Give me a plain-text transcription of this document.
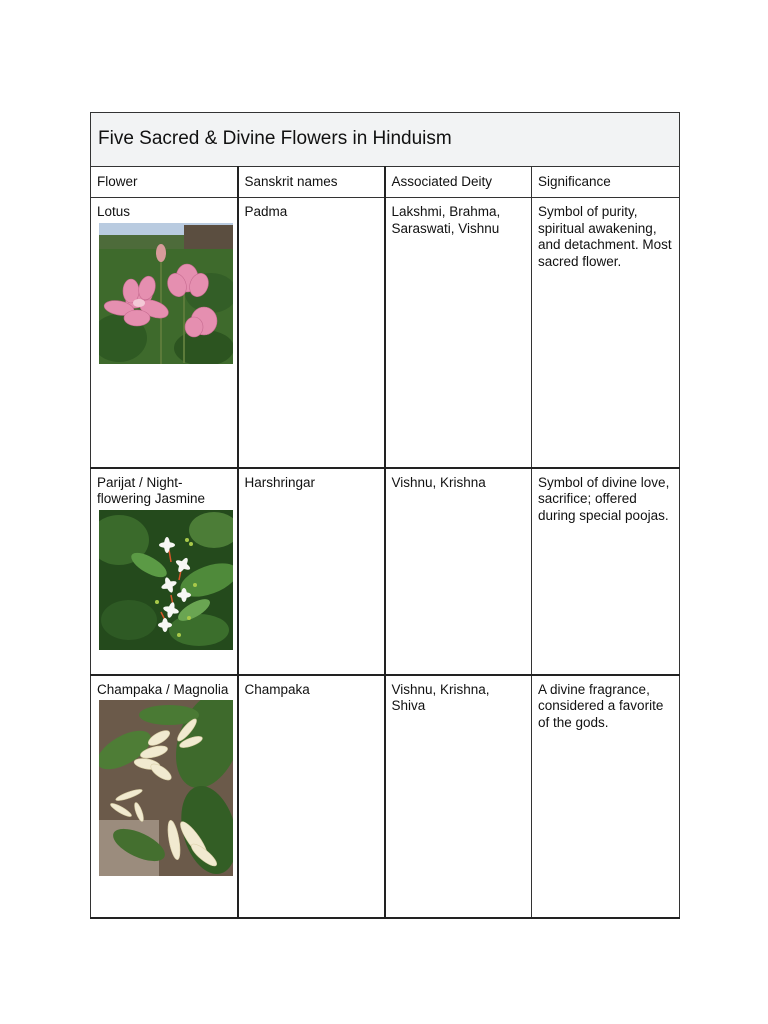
Five Sacred & Divine Flowers in Hinduism			
Flower	Sanskrit names	Associated Deity	Significance

Lotus	Padma	Lakshmi, Brahma, Saraswati, Vishnu	Symbol of purity, spiritual awakening, and detachment. Most sacred flower.

Parijat / Night-flowering Jasmine	Harshringar	Vishnu, Krishna	Symbol of divine love, sacrifice; offered during special poojas.

Champaka / Magnolia	Champaka	Vishnu, Krishna, Shiva	A divine fragrance, considered a favorite of the gods.
